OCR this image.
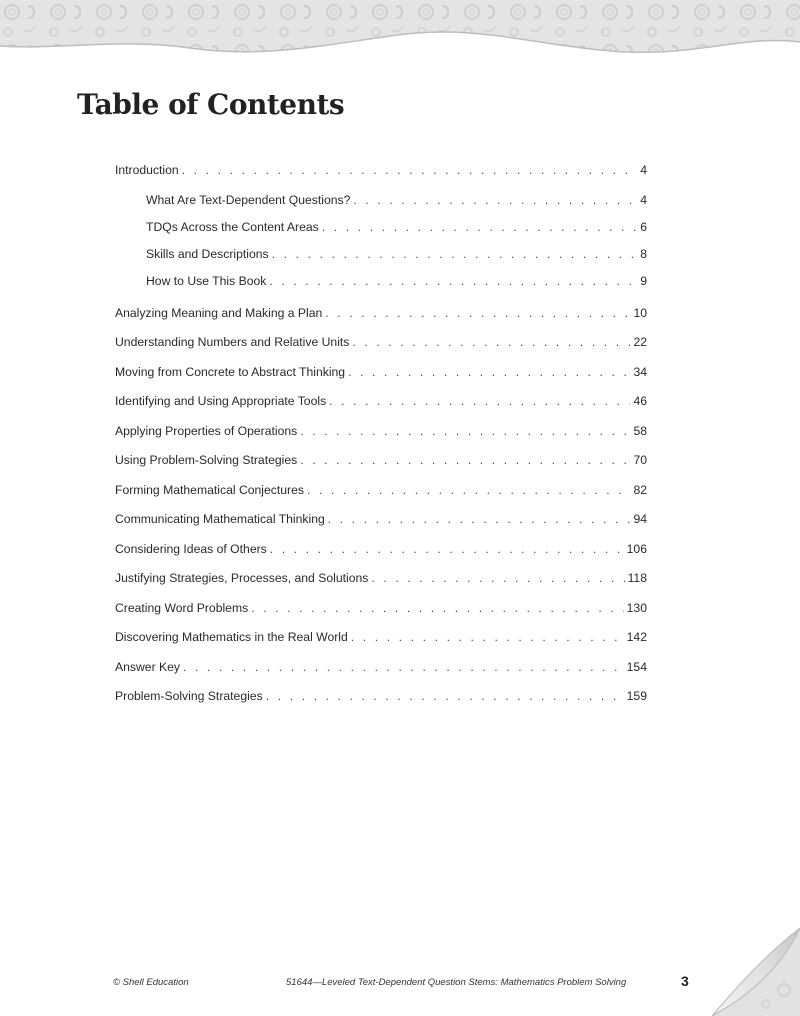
Table of Contents
Introduction . . .	4
What Are Text-Dependent Questions? . . .	4
TDQs Across the Content Areas . . .	6
Skills and Descriptions . . .	8
How to Use This Book . . .	9
Analyzing Meaning and Making a Plan . . .	10
Understanding Numbers and Relative Units . . .	22
Moving from Concrete to Abstract Thinking . . .	34
Identifying and Using Appropriate Tools . . .	46
Applying Properties of Operations . . .	58
Using Problem-Solving Strategies . . .	70
Forming Mathematical Conjectures . . .	82
Communicating Mathematical Thinking . . .	94
Considering Ideas of Others . . .	106
Justifying Strategies, Processes, and Solutions . . .	118
Creating Word Problems . . .	130
Discovering Mathematics in the Real World . . .	142
Answer Key . . .	154
Problem-Solving Strategies . . .	159
© Shell Education	51644—Leveled Text-Dependent Question Stems: Mathematics Problem Solving	3
